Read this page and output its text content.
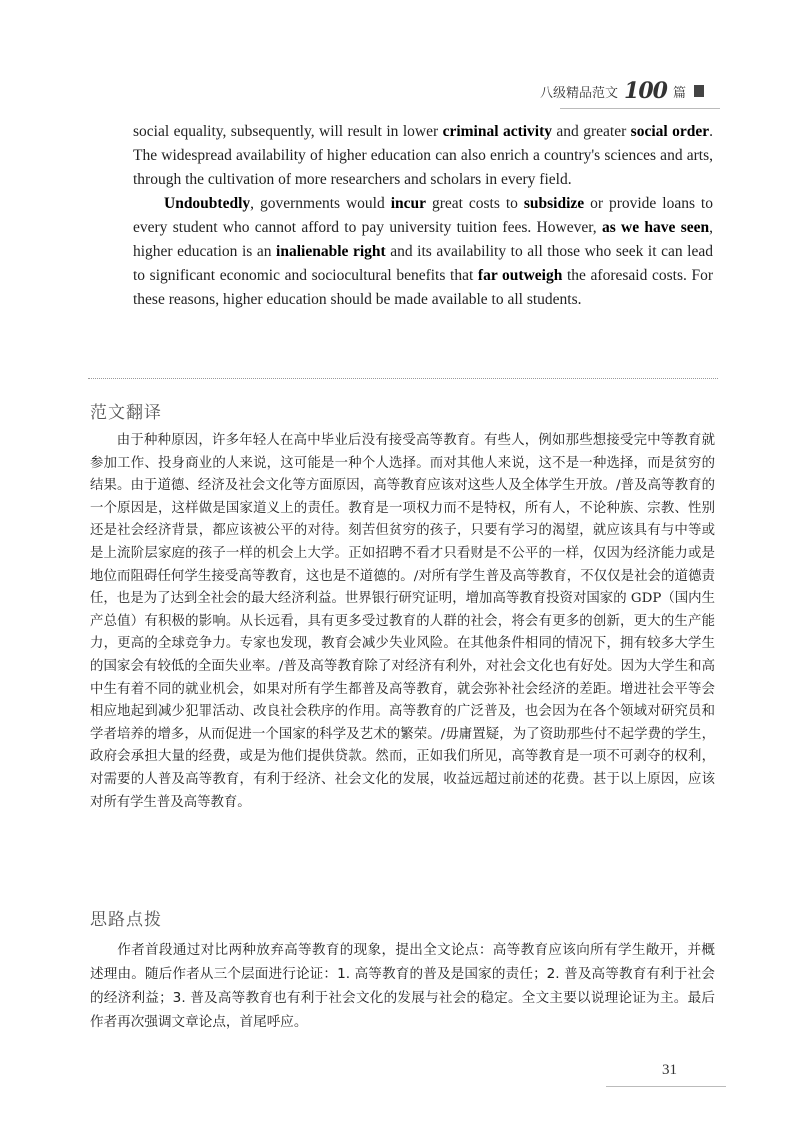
八级精品范文 100 篇

social equality, subsequently, will result in lower criminal activity and greater social order. The widespread availability of higher education can also enrich a country's sciences and arts, through the cultivation of more researchers and scholars in every field.

Undoubtedly, governments would incur great costs to subsidize or provide loans to every student who cannot afford to pay university tuition fees. However, as we have seen, higher education is an inalienable right and its availability to all those who seek it can lead to significant economic and sociocultural benefits that far outweigh the aforesaid costs. For these reasons, higher education should be made available to all students.

范文翻译

由于种种原因，许多年轻人在高中毕业后没有接受高等教育。有些人，例如那些想接受完中等教育就参加工作、投身商业的人来说，这可能是一种个人选择。而对其他人来说，这不是一种选择，而是贫穷的结果。由于道德、经济及社会文化等方面原因，高等教育应该对这些人及全体学生开放。/普及高等教育的一个原因是，这样做是国家道义上的责任。教育是一项权力而不是特权，所有人，不论种族、宗教、性别还是社会经济背景，都应该被公平的对待。刻苦但贫穷的孩子，只要有学习的渴望，就应该具有与中等或是上流阶层家庭的孩子一样的机会上大学。正如招聘不看才只看财是不公平的一样，仅因为经济能力或是地位而阻碍任何学生接受高等教育，这也是不道德的。/对所有学生普及高等教育，不仅仅是社会的道德责任，也是为了达到全社会的最大经济利益。世界银行研究证明，增加高等教育投资对国家的 GDP（国内生产总值）有积极的影响。从长远看，具有更多受过教育的人群的社会，将会有更多的创新，更大的生产能力，更高的全球竞争力。专家也发现，教育会减少失业风险。在其他条件相同的情况下，拥有较多大学生的国家会有较低的全面失业率。/普及高等教育除了对经济有利外，对社会文化也有好处。因为大学生和高中生有着不同的就业机会，如果对所有学生都普及高等教育，就会弥补社会经济的差距。增进社会平等会相应地起到减少犯罪活动、改良社会秩序的作用。高等教育的广泛普及，也会因为在各个领域对研究员和学者培养的增多，从而促进一个国家的科学及艺术的繁荣。/毋庸置疑，为了资助那些付不起学费的学生，政府会承担大量的经费，或是为他们提供贷款。然而，正如我们所见，高等教育是一项不可剥夺的权利，对需要的人普及高等教育，有利于经济、社会文化的发展，收益远超过前述的花费。甚于以上原因，应该对所有学生普及高等教育。

思路点拨

作者首段通过对比两种放弃高等教育的现象，提出全文论点：高等教育应该向所有学生敞开，并概述理由。随后作者从三个层面进行论证：1. 高等教育的普及是国家的责任；2. 普及高等教育有利于社会的经济利益；3. 普及高等教育也有利于社会文化的发展与社会的稳定。全文主要以说理论证为主。最后作者再次强调文章论点，首尾呼应。

31
